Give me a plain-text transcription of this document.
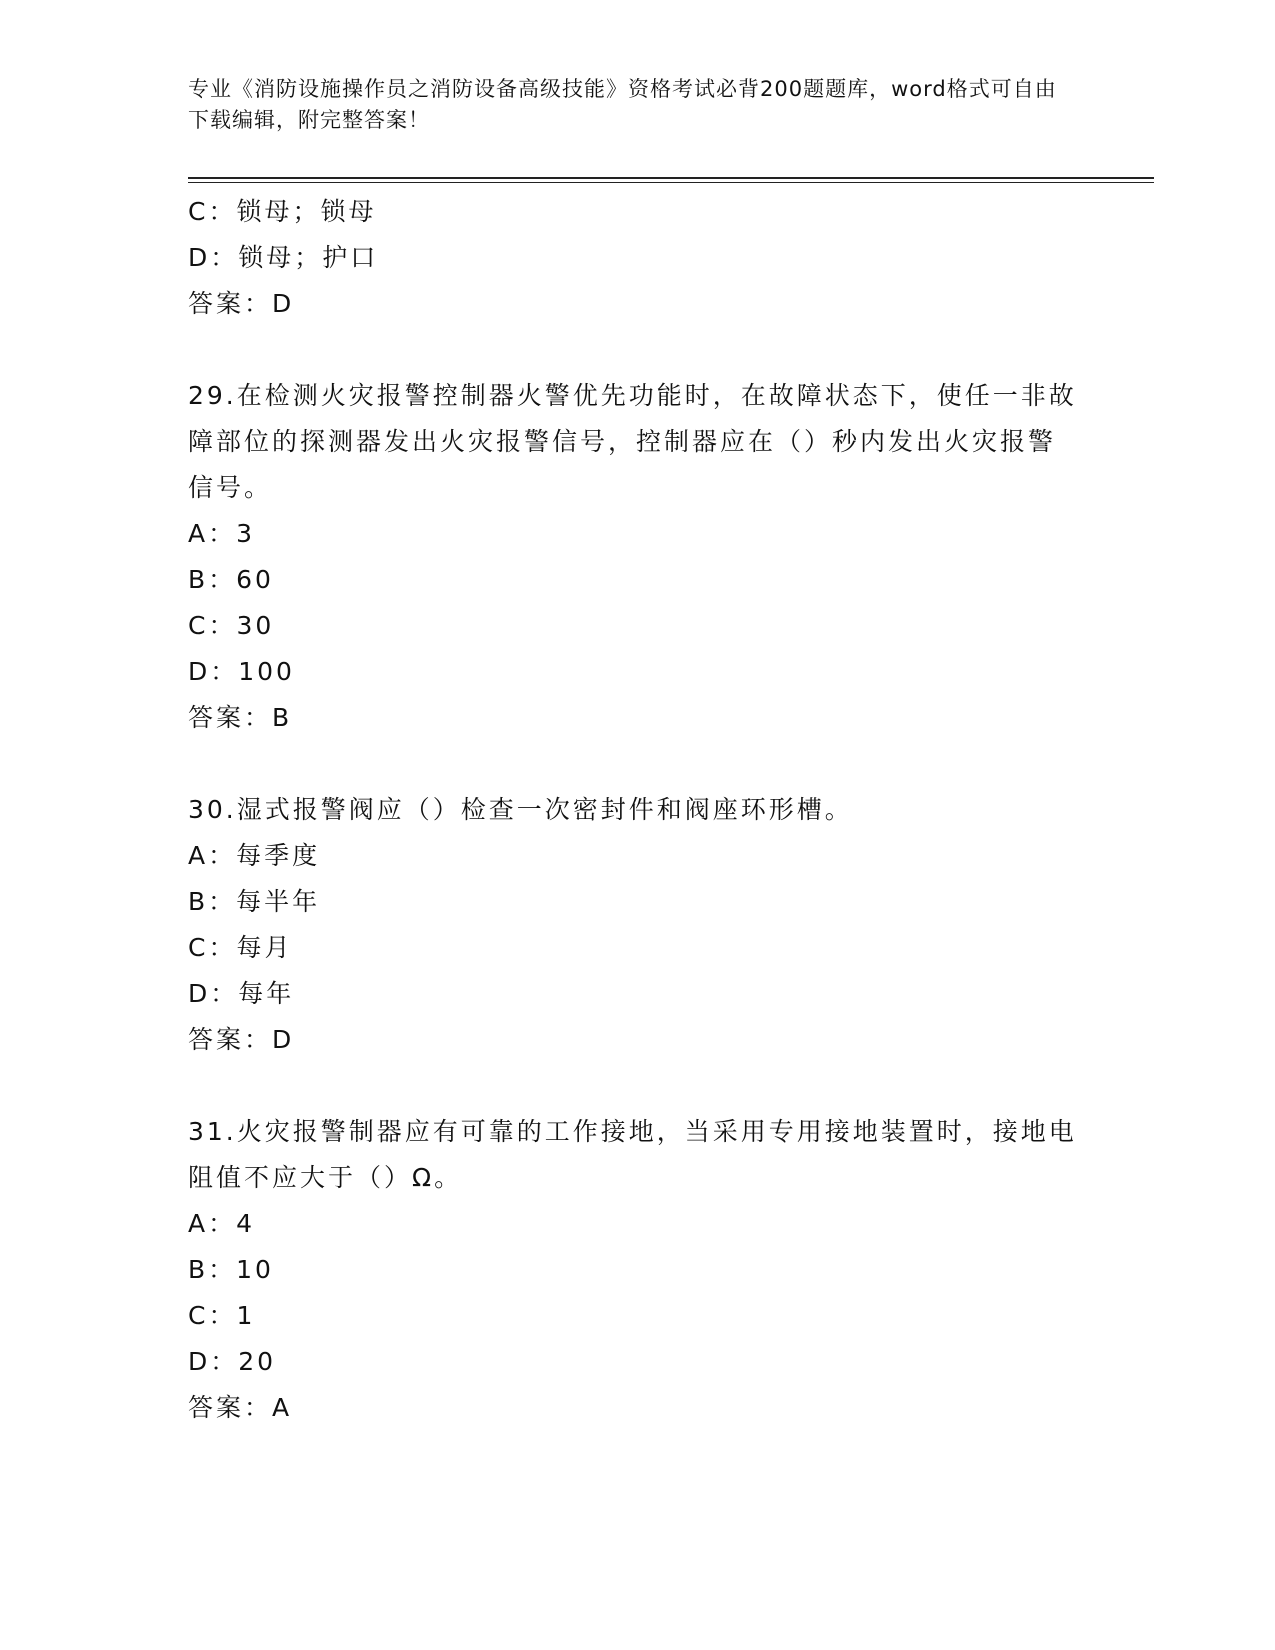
专业《消防设施操作员之消防设备高级技能》资格考试必背200题题库，word格式可自由下载编辑，附完整答案！
C：锁母；锁母
D：锁母；护口
答案：D
29.在检测火灾报警控制器火警优先功能时，在故障状态下，使任一非故障部位的探测器发出火灾报警信号，控制器应在（）秒内发出火灾报警信号。
A：3
B：60
C：30
D：100
答案：B
30.湿式报警阀应（）检查一次密封件和阀座环形槽。
A：每季度
B：每半年
C：每月
D：每年
答案：D
31.火灾报警制器应有可靠的工作接地，当采用专用接地装置时，接地电阻值不应大于（）Ω。
A：4
B：10
C：1
D：20
答案：A
